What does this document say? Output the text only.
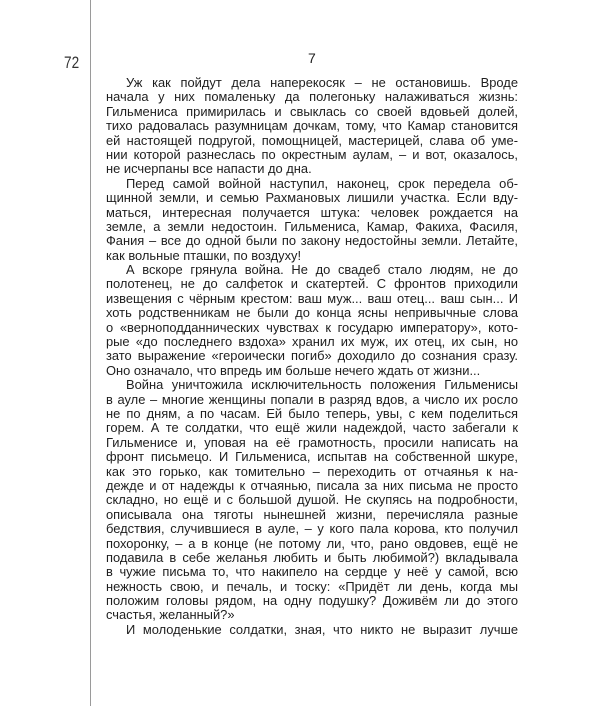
72	7
Уж как пойдут дела наперекосяк – не остановишь. Вроде
начала у них помаленьку да полегоньку налаживаться жизнь:
Гильмениса примирилась и свыклась со своей вдовьей долей,
тихо радовалась разумницам дочкам, тому, что Камар становится
ей настоящей подругой, помощницей, мастерицей, слава об уме-
нии которой разнеслась по окрестным аулам, – и вот, оказалось,
не исчерпаны все напасти до дна.
Перед самой войной наступил, наконец, срок передела об-
щинной земли, и семью Рахмановых лишили участка. Если вду-
маться, интересная получается штука: человек рождается на
земле, а земли недостоин. Гильмениса, Камар, Факиха, Фасиля,
Фания – все до одной были по закону недостойны земли. Летайте,
как вольные пташки, по воздуху!
А вскоре грянула война. Не до свадеб стало людям, не до
полотенец, не до салфеток и скатертей. С фронтов приходили
извещения с чёрным крестом: ваш муж... ваш отец... ваш сын... И
хоть родственникам не были до конца ясны непривычные слова
о «верноподданнических чувствах к государю императору», кото-
рые «до последнего вздоха» хранил их муж, их отец, их сын, но
зато выражение «героически погиб» доходило до сознания сразу.
Оно означало, что впредь им больше нечего ждать от жизни...
Война уничтожила исключительность положения Гильменисы
в ауле – многие женщины попали в разряд вдов, а число их росло
не по дням, а по часам. Ей было теперь, увы, с кем поделиться
горем. А те солдатки, что ещё жили надеждой, часто забегали к
Гильменисе и, уповая на её грамотность, просили написать на
фронт письмецо. И Гильмениса, испытав на собственной шкуре,
как это горько, как томительно – переходить от отчаянья к на-
дежде и от надежды к отчаянью, писала за них письма не просто
складно, но ещё и с большой душой. Не скупясь на подробности,
описывала она тяготы нынешней жизни, перечисляла разные
бедствия, случившиеся в ауле, – у кого пала корова, кто получил
похоронку, – а в конце (не потому ли, что, рано овдовев, ещё не
подавила в себе желанья любить и быть любимой?) вкладывала
в чужие письма то, что накипело на сердце у неё у самой, всю
нежность свою, и печаль, и тоску: «Придёт ли день, когда мы
положим головы рядом, на одну подушку? Доживём ли до этого
счастья, желанный?»
И молоденькие солдатки, зная, что никто не выразит лучше
